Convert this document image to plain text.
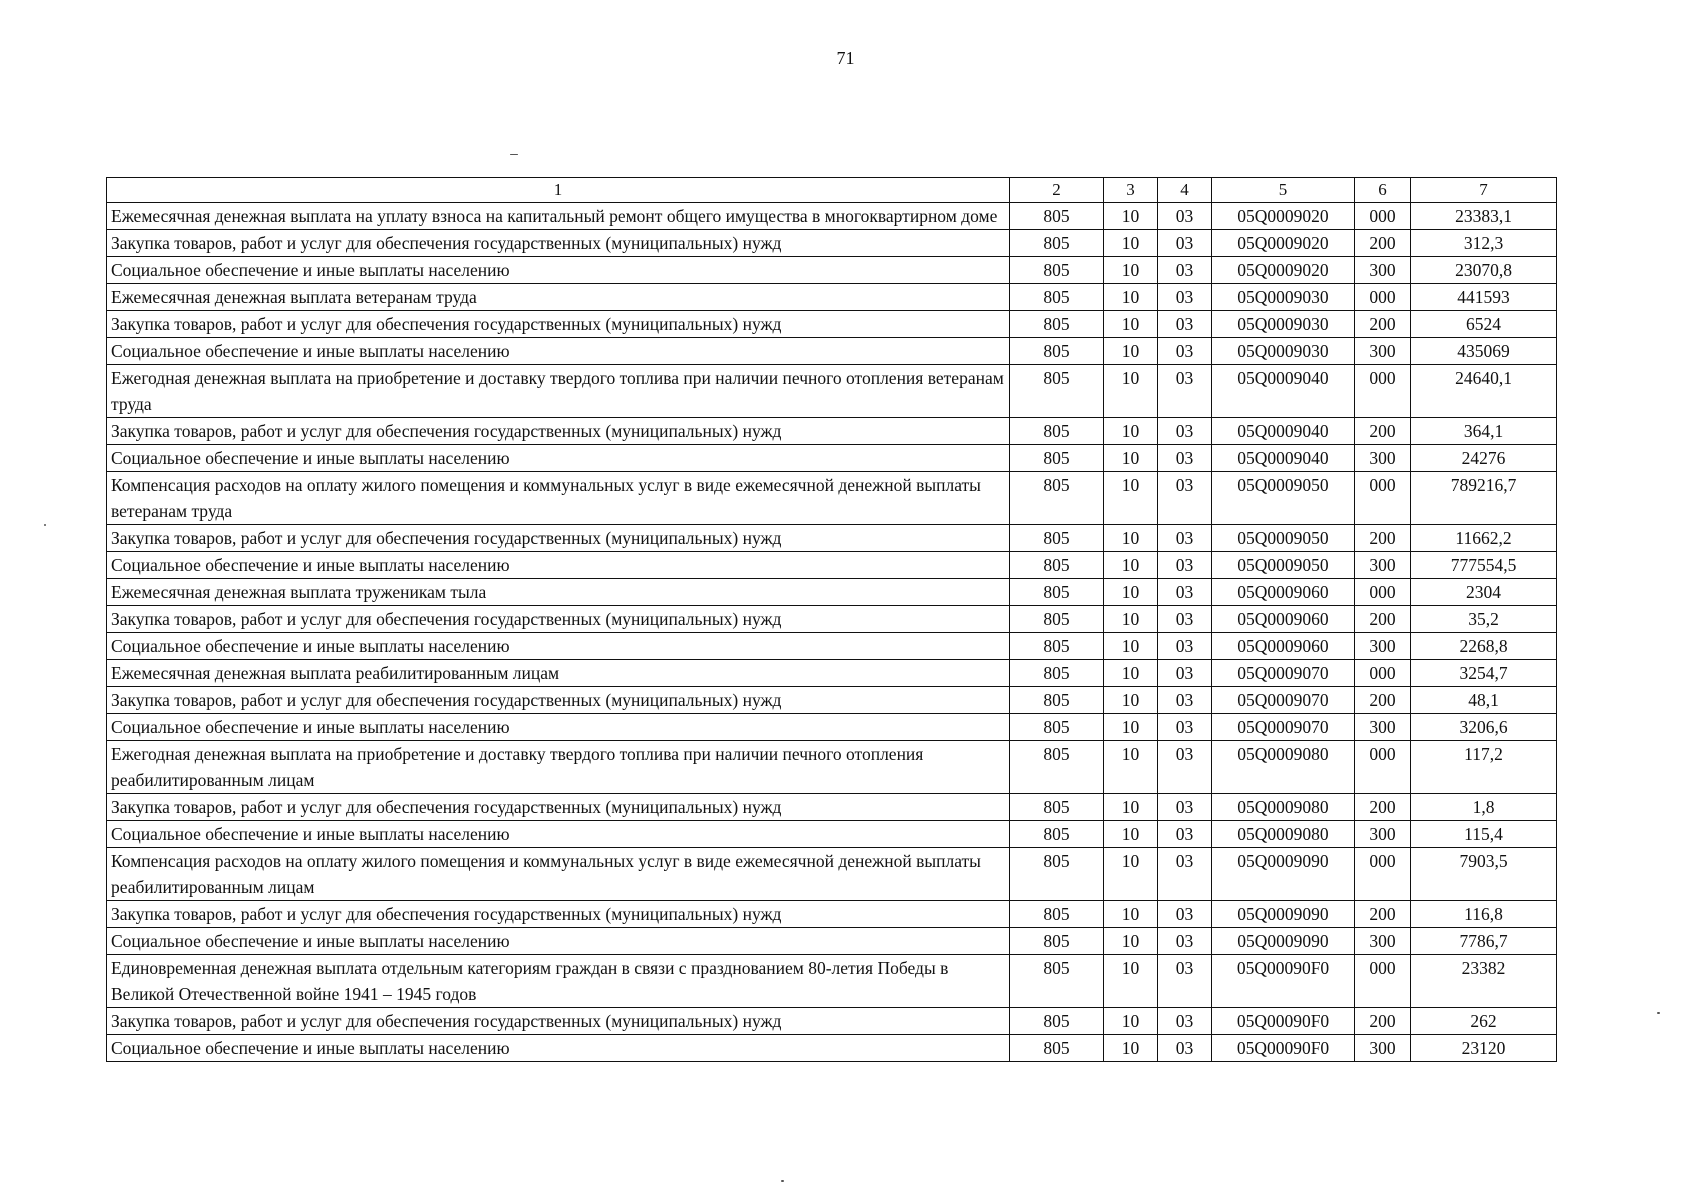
71
1	2	3	4	5	6	7
Ежемесячная денежная выплата на уплату взноса на капитальный ремонт общего имущества в многоквартирном доме	805	10	03	05Q0009020	000	23383,1
Закупка товаров, работ и услуг для обеспечения государственных (муниципальных) нужд	805	10	03	05Q0009020	200	312,3
Социальное обеспечение и иные выплаты населению	805	10	03	05Q0009020	300	23070,8
Ежемесячная денежная выплата ветеранам труда	805	10	03	05Q0009030	000	441593
Закупка товаров, работ и услуг для обеспечения государственных (муниципальных) нужд	805	10	03	05Q0009030	200	6524
Социальное обеспечение и иные выплаты населению	805	10	03	05Q0009030	300	435069
Ежегодная денежная выплата на приобретение и доставку твердого топлива при наличии печного отопления ветеранам труда	805	10	03	05Q0009040	000	24640,1
Закупка товаров, работ и услуг для обеспечения государственных (муниципальных) нужд	805	10	03	05Q0009040	200	364,1
Социальное обеспечение и иные выплаты населению	805	10	03	05Q0009040	300	24276
Компенсация расходов на оплату жилого помещения и коммунальных услуг в виде ежемесячной денежной выплаты ветеранам труда	805	10	03	05Q0009050	000	789216,7
Закупка товаров, работ и услуг для обеспечения государственных (муниципальных) нужд	805	10	03	05Q0009050	200	11662,2
Социальное обеспечение и иные выплаты населению	805	10	03	05Q0009050	300	777554,5
Ежемесячная денежная выплата труженикам тыла	805	10	03	05Q0009060	000	2304
Закупка товаров, работ и услуг для обеспечения государственных (муниципальных) нужд	805	10	03	05Q0009060	200	35,2
Социальное обеспечение и иные выплаты населению	805	10	03	05Q0009060	300	2268,8
Ежемесячная денежная выплата реабилитированным лицам	805	10	03	05Q0009070	000	3254,7
Закупка товаров, работ и услуг для обеспечения государственных (муниципальных) нужд	805	10	03	05Q0009070	200	48,1
Социальное обеспечение и иные выплаты населению	805	10	03	05Q0009070	300	3206,6
Ежегодная денежная выплата на приобретение и доставку твердого топлива при наличии печного отопления реабилитированным лицам	805	10	03	05Q0009080	000	117,2
Закупка товаров, работ и услуг для обеспечения государственных (муниципальных) нужд	805	10	03	05Q0009080	200	1,8
Социальное обеспечение и иные выплаты населению	805	10	03	05Q0009080	300	115,4
Компенсация расходов на оплату жилого помещения и коммунальных услуг в виде ежемесячной денежной выплаты реабилитированным лицам	805	10	03	05Q0009090	000	7903,5
Закупка товаров, работ и услуг для обеспечения государственных (муниципальных) нужд	805	10	03	05Q0009090	200	116,8
Социальное обеспечение и иные выплаты населению	805	10	03	05Q0009090	300	7786,7
Единовременная денежная выплата отдельным категориям граждан в связи с празднованием 80-летия Победы в Великой Отечественной войне 1941 – 1945 годов	805	10	03	05Q00090F0	000	23382
Закупка товаров, работ и услуг для обеспечения государственных (муниципальных) нужд	805	10	03	05Q00090F0	200	262
Социальное обеспечение и иные выплаты населению	805	10	03	05Q00090F0	300	23120
